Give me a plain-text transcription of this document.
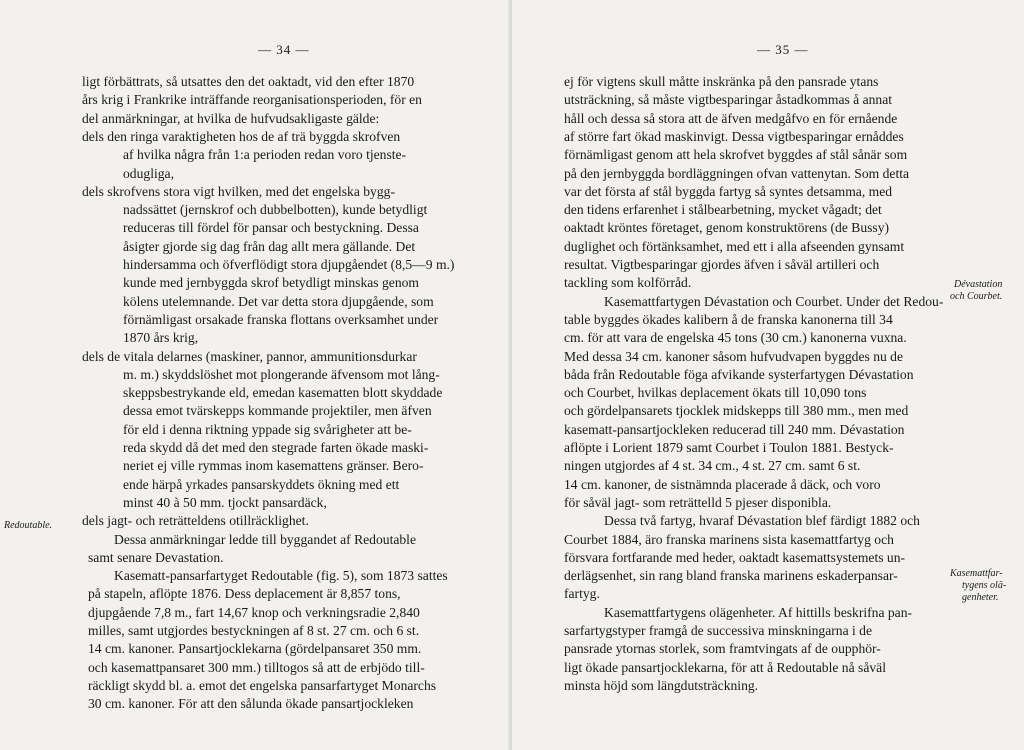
— 34 —
ligt förbättrats, så utsattes den det oaktadt, vid den efter 1870
års krig i Frankrike inträffande reorganisationsperioden, för en
del anmärkningar, at hvilka de hufvudsakligaste gälde:
dels den ringa varaktigheten hos de af trä byggda skrofven
af hvilka några från 1:a perioden redan voro tjenste-
odugliga,
dels skrofvens stora vigt hvilken, med det engelska bygg-
nadssättet (jernskrof och dubbelbotten), kunde betydligt
reduceras till fördel för pansar och bestyckning. Dessa
åsigter gjorde sig dag från dag allt mera gällande. Det
hindersamma och öfverflödigt stora djupgåendet (8,5—9 m.)
kunde med jernbyggda skrof betydligt minskas genom
kölens utelemnande. Det var detta stora djupgående, som
förnämligast orsakade franska flottans overksamhet under
1870 års krig,
dels de vitala delarnes (maskiner, pannor, ammunitionsdurkar
m. m.) skyddslöshet mot plongerande äfvensom mot lång-
skeppsbestrykande eld, emedan kasematten blott skyddade
dessa emot tvärskepps kommande projektiler, men äfven
för eld i denna riktning yppade sig svårigheter att be-
reda skydd då det med den stegrade farten ökade maski-
neriet ej ville rymmas inom kasemattens gränser. Bero-
ende härpå yrkades pansarskyddets ökning med ett
minst 40 à 50 mm. tjockt pansardäck,
dels jagt- och reträtteldens otillräcklighet.
Dessa anmärkningar ledde till byggandet af Redoutable
samt senare Devastation.
Kasematt-pansarfartyget Redoutable (fig. 5), som 1873 sattes
på stapeln, aflöpte 1876. Dess deplacement är 8,857 tons,
djupgående 7,8 m., fart 14,67 knop och verkningsradie 2,840
milles, samt utgjordes bestyckningen af 8 st. 27 cm. och 6 st.
14 cm. kanoner. Pansartjocklekarna (gördelpansaret 350 mm.
och kasemattpansaret 300 mm.) tilltogos så att de erbjödo till-
räckligt skydd bl. a. emot det engelska pansarfartyget Monarchs
30 cm. kanoner. För att den sålunda ökade pansartjockleken
Redoutable.
— 35 —
ej för vigtens skull måtte inskränka på den pansrade ytans
utsträckning, så måste vigtbesparingar åstadkommas å annat
håll och dessa så stora att de äfven medgåfvo en för ernående
af större fart ökad maskinvigt. Dessa vigtbesparingar ernåddes
förnämligast genom att hela skrofvet byggdes af stål sånär som
på den jernbyggda bordläggningen ofvan vattenytan. Som detta
var det första af stål byggda fartyg så syntes detsamma, med
den tidens erfarenhet i stålbearbetning, mycket vågadt; det
oaktadt kröntes företaget, genom konstruktörens (de Bussy)
duglighet och förtänksamhet, med ett i alla afseenden gynsamt
resultat. Vigtbesparingar gjordes äfven i såväl artilleri och
tackling som kolförråd.
Kasemattfartygen Dévastation och Courbet. Under det Redou-
table byggdes ökades kalibern å de franska kanonerna till 34
cm. för att vara de engelska 45 tons (30 cm.) kanonerna vuxna.
Med dessa 34 cm. kanoner såsom hufvudvapen byggdes nu de
båda från Redoutable föga afvikande systerfartygen Dévastation
och Courbet, hvilkas deplacement ökats till 10,090 tons
och gördelpansarets tjocklek midskepps till 380 mm., men med
kasematt-pansartjockleken reducerad till 240 mm. Dévastation
aflöpte i Lorient 1879 samt Courbet i Toulon 1881. Bestyck-
ningen utgjordes af 4 st. 34 cm., 4 st. 27 cm. samt 6 st.
14 cm. kanoner, de sistnämnda placerade å däck, och voro
för såväl jagt- som reträttelld 5 pjeser disponibla.
Dessa två fartyg, hvaraf Dévastation blef färdigt 1882 och
Courbet 1884, äro franska marinens sista kasemattfartyg och
försvara fortfarande med heder, oaktadt kasemattsystemets un-
derlägsenhet, sin rang bland franska marinens eskaderpansar-
fartyg.
Kasemattfartygens olägenheter. Af hittills beskrifna pan-
sarfartygstyper framgå de successiva minskningarna i de
pansrade ytornas storlek, som framtvingats af de oupphör-
ligt ökade pansartjocklekarna, för att å Redoutable nå såväl
minsta höjd som längdutsträckning.
Dévastation
och Courbet.
Kasemattfar-
tygens olä-
genheter.
